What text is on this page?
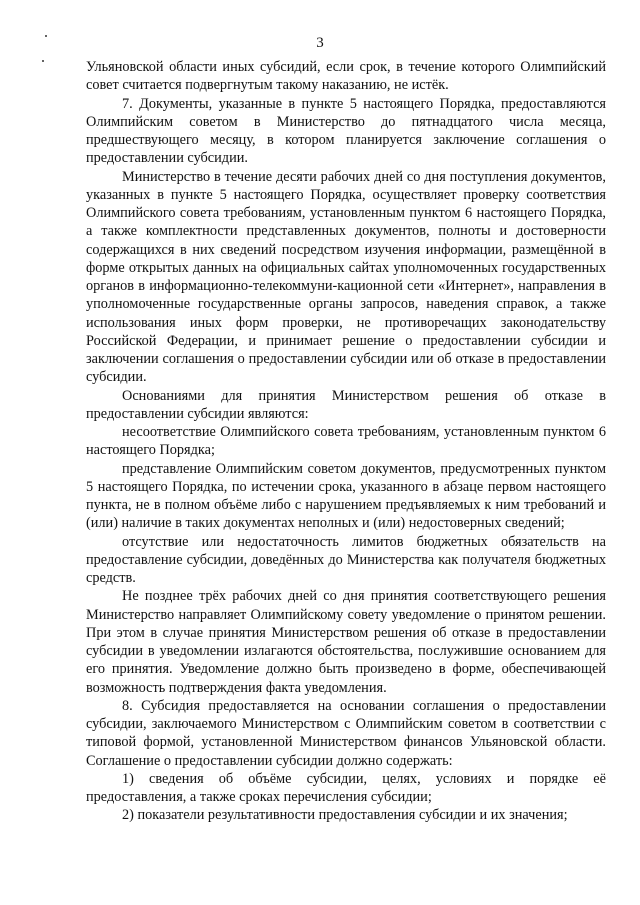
3

Ульяновской области иных субсидий, если срок, в течение которого Олимпийский совет считается подвергнутым такому наказанию, не истёк.

7. Документы, указанные в пункте 5 настоящего Порядка, предоставляются Олимпийским советом в Министерство до пятнадцатого числа месяца, предшествующего месяцу, в котором планируется заключение соглашения о предоставлении субсидии.

Министерство в течение десяти рабочих дней со дня поступления документов, указанных в пункте 5 настоящего Порядка, осуществляет проверку соответствия Олимпийского совета требованиям, установленным пунктом 6 настоящего Порядка, а также комплектности представленных документов, полноты и достоверности содержащихся в них сведений посредством изучения информации, размещённой в форме открытых данных на официальных сайтах уполномоченных государственных органов в информационно-телекоммуни-кационной сети «Интернет», направления в уполномоченные государственные органы запросов, наведения справок, а также использования иных форм проверки, не противоречащих законодательству Российской Федерации, и принимает решение о предоставлении субсидии и заключении соглашения о предоставлении субсидии или об отказе в предоставлении субсидии.

Основаниями для принятия Министерством решения об отказе в предоставлении субсидии являются:

несоответствие Олимпийского совета требованиям, установленным пунктом 6 настоящего Порядка;

представление Олимпийским советом документов, предусмотренных пунктом 5 настоящего Порядка, по истечении срока, указанного в абзаце первом настоящего пункта, не в полном объёме либо с нарушением предъявляемых к ним требований и (или) наличие в таких документах неполных и (или) недостоверных сведений;

отсутствие или недостаточность лимитов бюджетных обязательств на предоставление субсидии, доведённых до Министерства как получателя бюджетных средств.

Не позднее трёх рабочих дней со дня принятия соответствующего решения Министерство направляет Олимпийскому совету уведомление о принятом решении. При этом в случае принятия Министерством решения об отказе в предоставлении субсидии в уведомлении излагаются обстоятельства, послужившие основанием для его принятия. Уведомление должно быть произведено в форме, обеспечивающей возможность подтверждения факта уведомления.

8. Субсидия предоставляется на основании соглашения о предоставлении субсидии, заключаемого Министерством с Олимпийским советом в соответствии с типовой формой, установленной Министерством финансов Ульяновской области. Соглашение о предоставлении субсидии должно содержать:

1) сведения об объёме субсидии, целях, условиях и порядке её предоставления, а также сроках перечисления субсидии;

2) показатели результативности предоставления субсидии и их значения;
